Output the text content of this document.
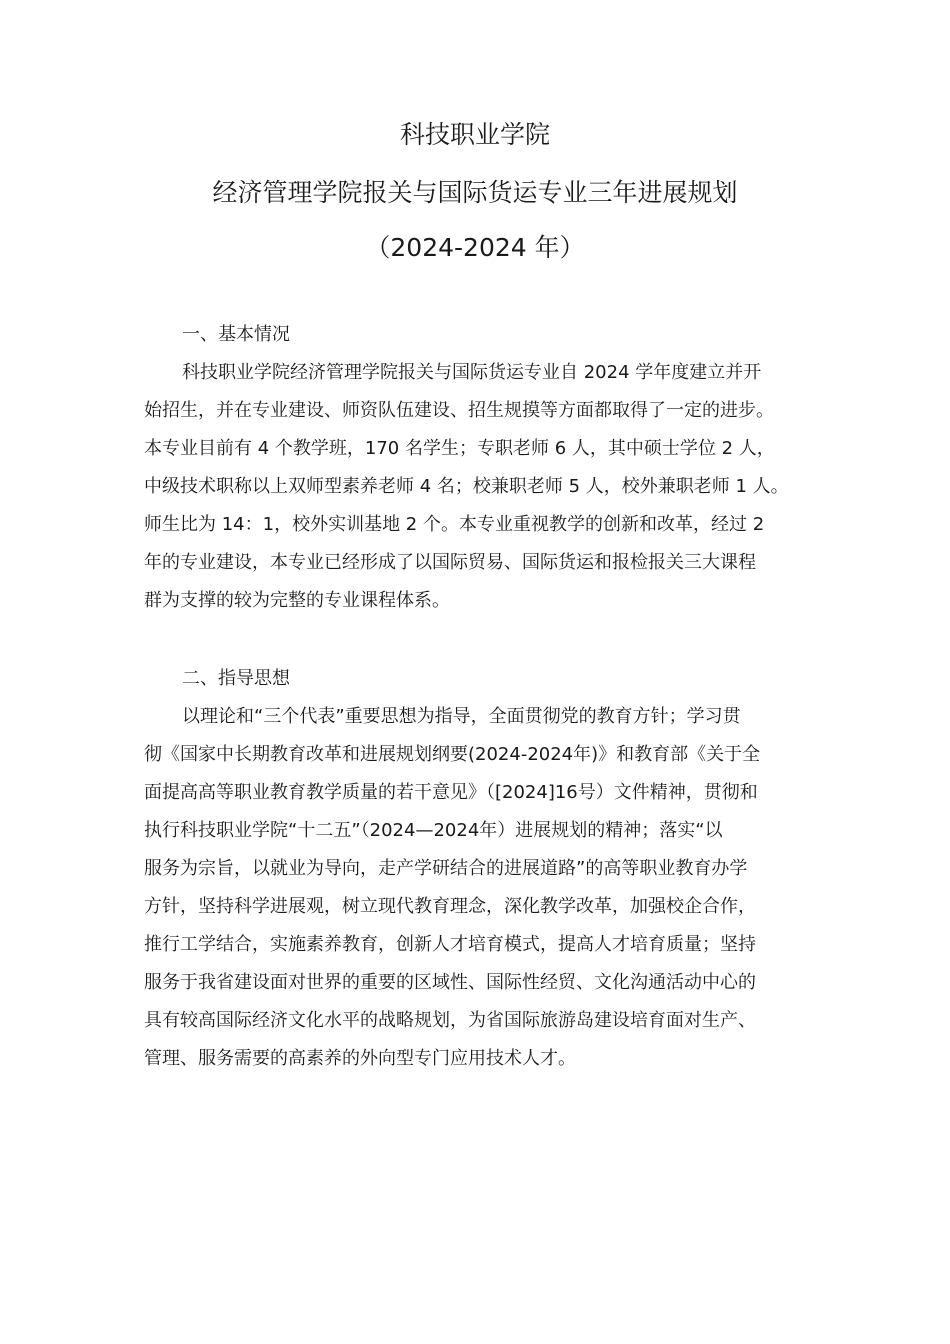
科技职业学院
经济管理学院报关与国际货运专业三年进展规划
（2024-2024 年）
一、基本情况
科技职业学院经济管理学院报关与国际货运专业自 2024 学年度建立并开
始招生，并在专业建设、师资队伍建设、招生规摸等方面都取得了一定的进步。
本专业目前有 4 个教学班，170 名学生；专职老师 6 人，其中硕士学位 2 人，
中级技术职称以上双师型素养老师 4 名；校兼职老师 5 人，校外兼职老师 1 人。
师生比为 14：1，校外实训基地 2 个。本专业重视教学的创新和改革，经过 2
年的专业建设，本专业已经形成了以国际贸易、国际货运和报检报关三大课程
群为支撑的较为完整的专业课程体系。
二、指导思想
以理论和“三个代表”重要思想为指导，全面贯彻党的教育方针；学习贯
彻《国家中长期教育改革和进展规划纲要(2024-2024年)》和教育部《关于全
面提高高等职业教育教学质量的若干意见》（[2024]16号）文件精神，贯彻和
执行科技职业学院“十二五”（2024—2024年）进展规划的精神；落实“以
服务为宗旨，以就业为导向，走产学研结合的进展道路”的高等职业教育办学
方针，坚持科学进展观，树立现代教育理念，深化教学改革，加强校企合作，
推行工学结合，实施素养教育，创新人才培育模式，提高人才培育质量；坚持
服务于我省建设面对世界的重要的区域性、国际性经贸、文化沟通活动中心的
具有较高国际经济文化水平的战略规划，为省国际旅游岛建设培育面对生产、
管理、服务需要的高素养的外向型专门应用技术人才。
